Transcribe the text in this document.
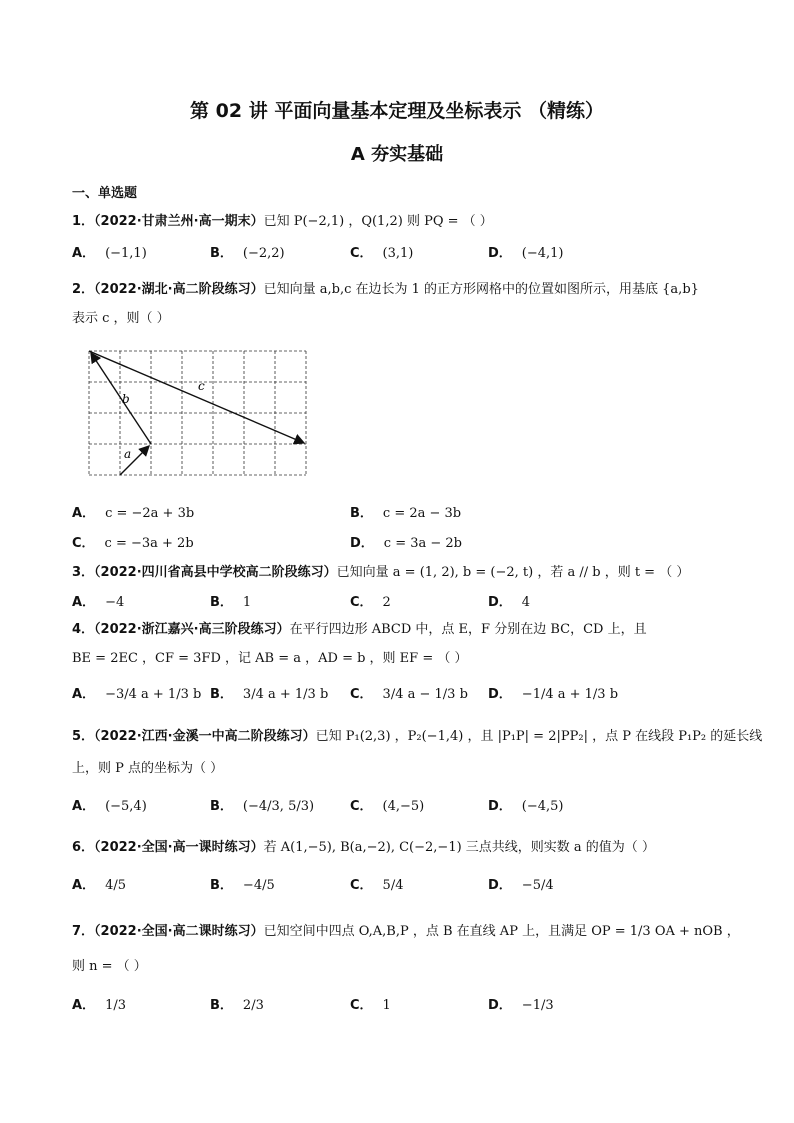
第 02 讲 平面向量基本定理及坐标表示 （精练）
A 夯实基础
一、单选题
1．（2022·甘肃兰州·高一期末）已知 P(−2,1) ，Q(1,2) 则 PQ = （ ）
A． (−1,1)	B． (−2,2)	C． (3,1)	D． (−4,1)
2．（2022·湖北·高二阶段练习）已知向量 a,b,c 在边长为 1 的正方形网格中的位置如图所示，用基底 {a,b}
表示 c ，则（ ）
a
b
c
A． c = −2a + 3b	B． c = 2a − 3b
C． c = −3a + 2b	D． c = 3a − 2b
3．（2022·四川省高县中学校高二阶段练习）已知向量 a = (1, 2), b = (−2, t) ，若 a // b ，则 t = （ ）
A． −4	B． 1	C． 2	D． 4
4．（2022·浙江嘉兴·高三阶段练习）在平行四边形 ABCD 中，点 E，F 分别在边 BC，CD 上，且
BE = 2EC ，CF = 3FD ，记 AB = a ，AD = b ，则 EF = （ ）
A． −3/4 a + 1/3 b B． 3/4 a + 1/3 b C． 3/4 a − 1/3 b D． −1/4 a + 1/3 b
5．（2022·江西·金溪一中高二阶段练习）已知 P₁(2,3) ，P₂(−1,4) ，且 |P₁P| = 2|PP₂| ，点 P 在线段 P₁P₂ 的延长线
上，则 P 点的坐标为（ ）
A． (−5,4)	B． (−4/3, 5/3)	C． (4,−5)	D． (−4,5)
6．（2022·全国·高一课时练习）若 A(1,−5), B(a,−2), C(−2,−1) 三点共线，则实数 a 的值为（ ）
A． 4/5	B． −4/5	C． 5/4	D． −5/4
7．（2022·全国·高二课时练习）已知空间中四点 O,A,B,P ，点 B 在直线 AP 上，且满足 OP = 1/3 OA + nOB ，
则 n = （ ）
A． 1/3	B． 2/3	C． 1	D． −1/3
